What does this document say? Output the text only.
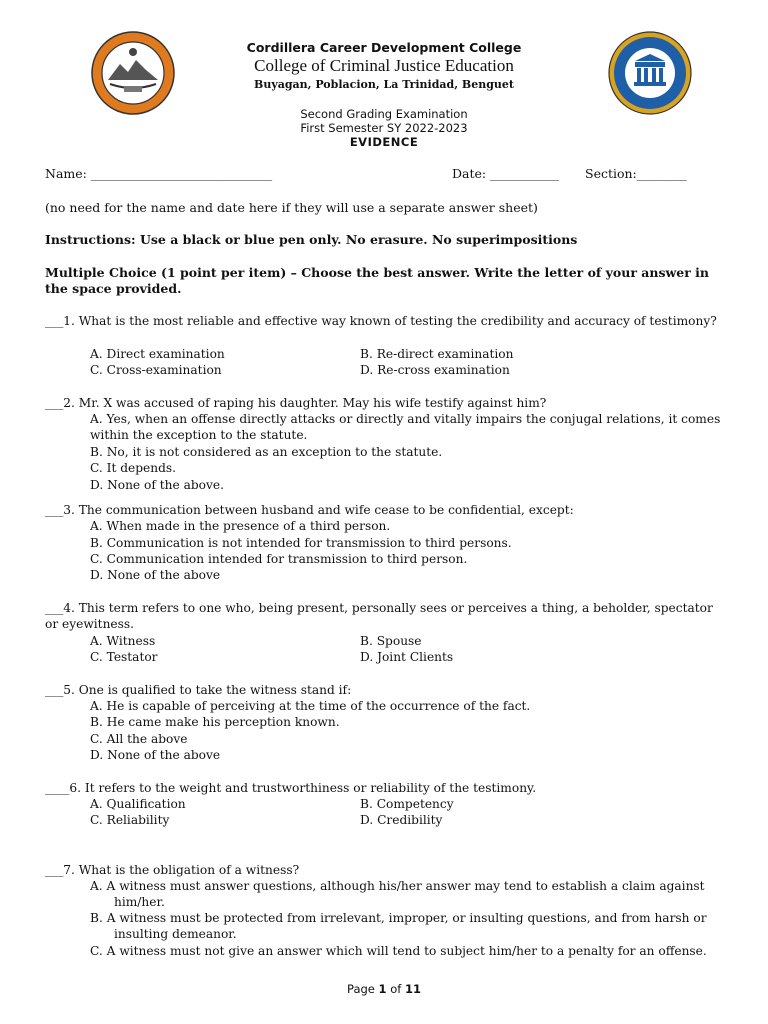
Cordillera Career Development College
College of Criminal Justice Education
Buyagan, Poblacion, La Trinidad, Benguet
Second Grading Examination
First Semester SY 2022-2023
EVIDENCE
Name: _____________________________	Date: ___________ Section:________
(no need for the name and date here if they will use a separate answer sheet)
Instructions: Use a black or blue pen only. No erasure. No superimpositions
Multiple Choice (1 point per item) – Choose the best answer. Write the letter of your answer in
the space provided.

___1. What is the most reliable and effective way known of testing the credibility and accuracy of testimony?

A. Direct examination	B. Re-direct examination
C. Cross-examination	D. Re-cross examination

___2. Mr. X was accused of raping his daughter. May his wife testify against him?

A. Yes, when an offense directly attacks or directly and vitally impairs the conjugal relations, it comes within the exception to the statute.
B. No, it is not considered as an exception to the statute.
C. It depends.
D. None of the above.

___3. The communication between husband and wife cease to be confidential, except:

A. When made in the presence of a third person.
B. Communication is not intended for transmission to third persons.
C. Communication intended for transmission to third person.
D. None of the above

___4. This term refers to one who, being present, personally sees or perceives a thing, a beholder, spectator or eyewitness.

A. Witness	B. Spouse
C. Testator	D. Joint Clients

___5. One is qualified to take the witness stand if:

A. He is capable of perceiving at the time of the occurrence of the fact.
B. He came make his perception known.
C. All the above
D. None of the above

____6. It refers to the weight and trustworthiness or reliability of the testimony.

A. Qualification	B. Competency
C. Reliability	D. Credibility

___7. What is the obligation of a witness?

A. A witness must answer questions, although his/her answer may tend to establish a claim against him/her.
B. A witness must be protected from irrelevant, improper, or insulting questions, and from harsh or insulting demeanor.
C. A witness must not give an answer which will tend to subject him/her to a penalty for an offense.
Page 1 of 11
